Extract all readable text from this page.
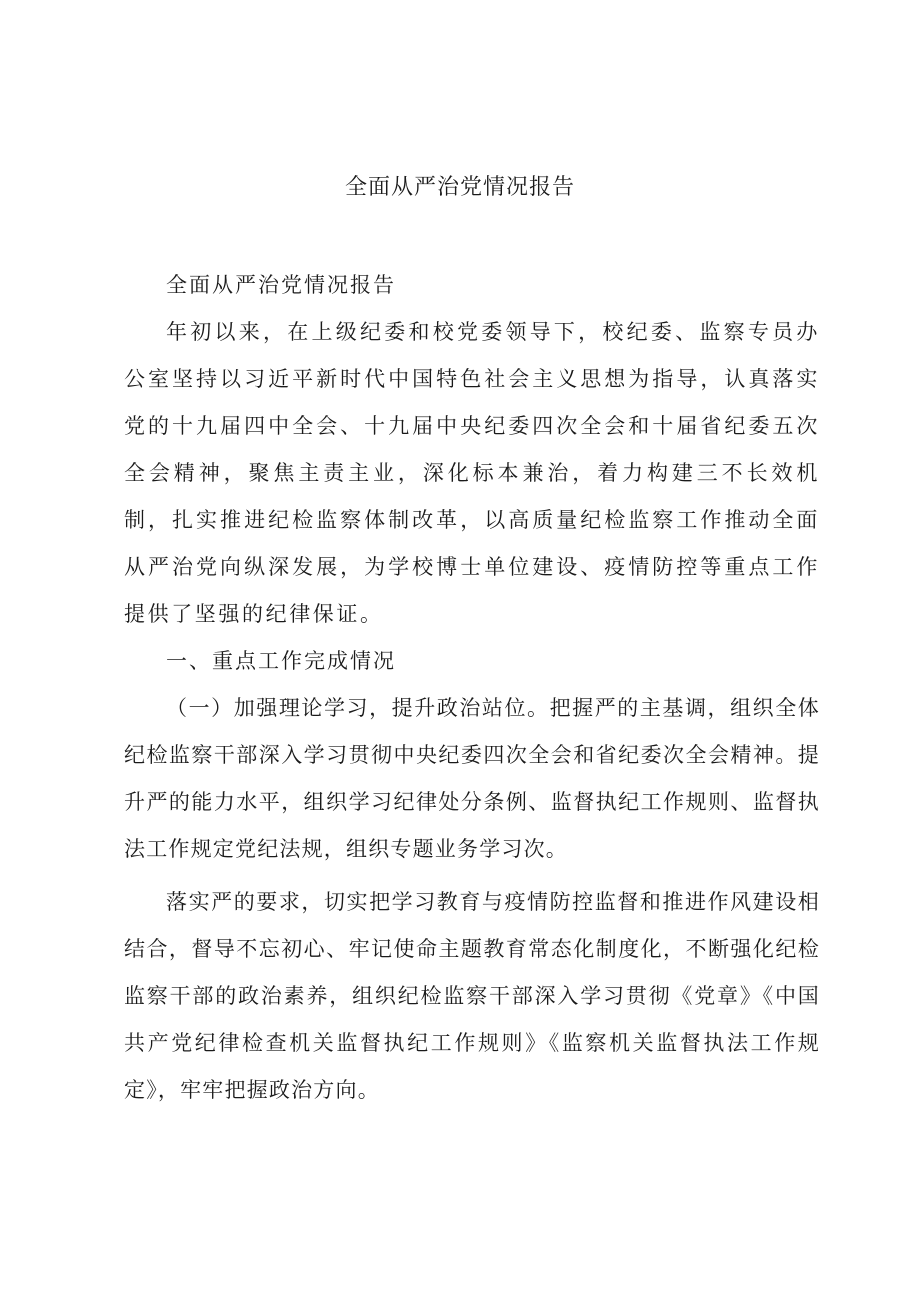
全面从严治党情况报告

全面从严治党情况报告

年初以来，在上级纪委和校党委领导下，校纪委、监察专员办公室坚持以习近平新时代中国特色社会主义思想为指导，认真落实党的十九届四中全会、十九届中央纪委四次全会和十届省纪委五次全会精神，聚焦主责主业，深化标本兼治，着力构建三不长效机制，扎实推进纪检监察体制改革，以高质量纪检监察工作推动全面从严治党向纵深发展，为学校博士单位建设、疫情防控等重点工作提供了坚强的纪律保证。

一、重点工作完成情况

（一）加强理论学习，提升政治站位。把握严的主基调，组织全体纪检监察干部深入学习贯彻中央纪委四次全会和省纪委次全会精神。提升严的能力水平，组织学习纪律处分条例、监督执纪工作规则、监督执法工作规定党纪法规，组织专题业务学习次。

落实严的要求，切实把学习教育与疫情防控监督和推进作风建设相结合，督导不忘初心、牢记使命主题教育常态化制度化，不断强化纪检监察干部的政治素养，组织纪检监察干部深入学习贯彻《党章》《中国共产党纪律检查机关监督执纪工作规则》《监察机关监督执法工作规定》，牢牢把握政治方向。
